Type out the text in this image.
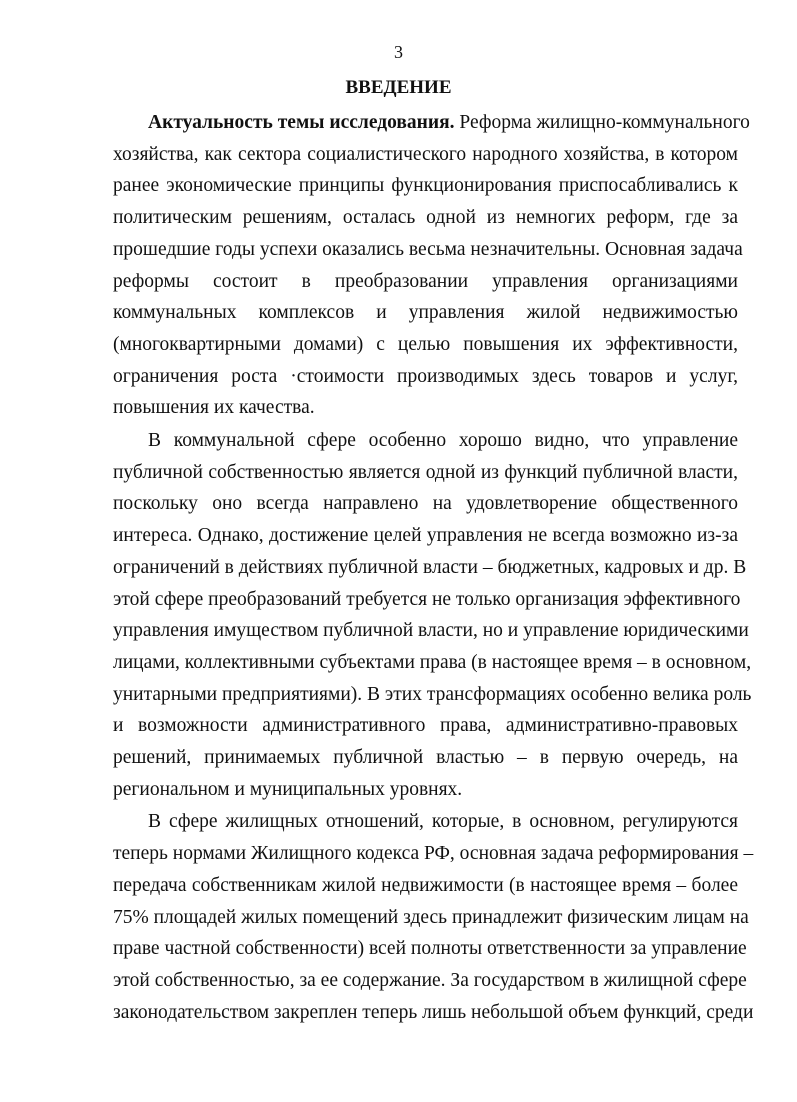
3
ВВЕДЕНИЕ

Актуальность темы исследования. Реформа жилищно-коммунального
хозяйства, как сектора социалистического народного хозяйства, в котором
ранее экономические принципы функционирования приспосабливались к
политическим решениям, осталась одной из немногих реформ, где за
прошедшие годы успехи оказались весьма незначительны. Основная задача
реформы состоит в преобразовании управления организациями
коммунальных комплексов и управления жилой недвижимостью
(многоквартирными домами) с целью повышения их эффективности,
ограничения роста ·стоимости производимых здесь товаров и услуг,
повышения их качества.

В коммунальной сфере особенно хорошо видно, что управление
публичной собственностью является одной из функций публичной власти,
поскольку оно всегда направлено на удовлетворение общественного
интереса. Однако, достижение целей управления не всегда возможно из-за
ограничений в действиях публичной власти – бюджетных, кадровых и др. В
этой сфере преобразований требуется не только организация эффективного
управления имуществом публичной власти, но и управление юридическими
лицами, коллективными субъектами права (в настоящее время – в основном,
унитарными предприятиями). В этих трансформациях особенно велика роль
и возможности административного права, административно-правовых
решений, принимаемых публичной властью – в первую очередь, на
региональном и муниципальных уровнях.

В сфере жилищных отношений, которые, в основном, регулируются
теперь нормами Жилищного кодекса РФ, основная задача реформирования –
передача собственникам жилой недвижимости (в настоящее время – более
75% площадей жилых помещений здесь принадлежит физическим лицам на
праве частной собственности) всей полноты ответственности за управление
этой собственностью, за ее содержание. За государством в жилищной сфере
законодательством закреплен теперь лишь небольшой объем функций, среди
